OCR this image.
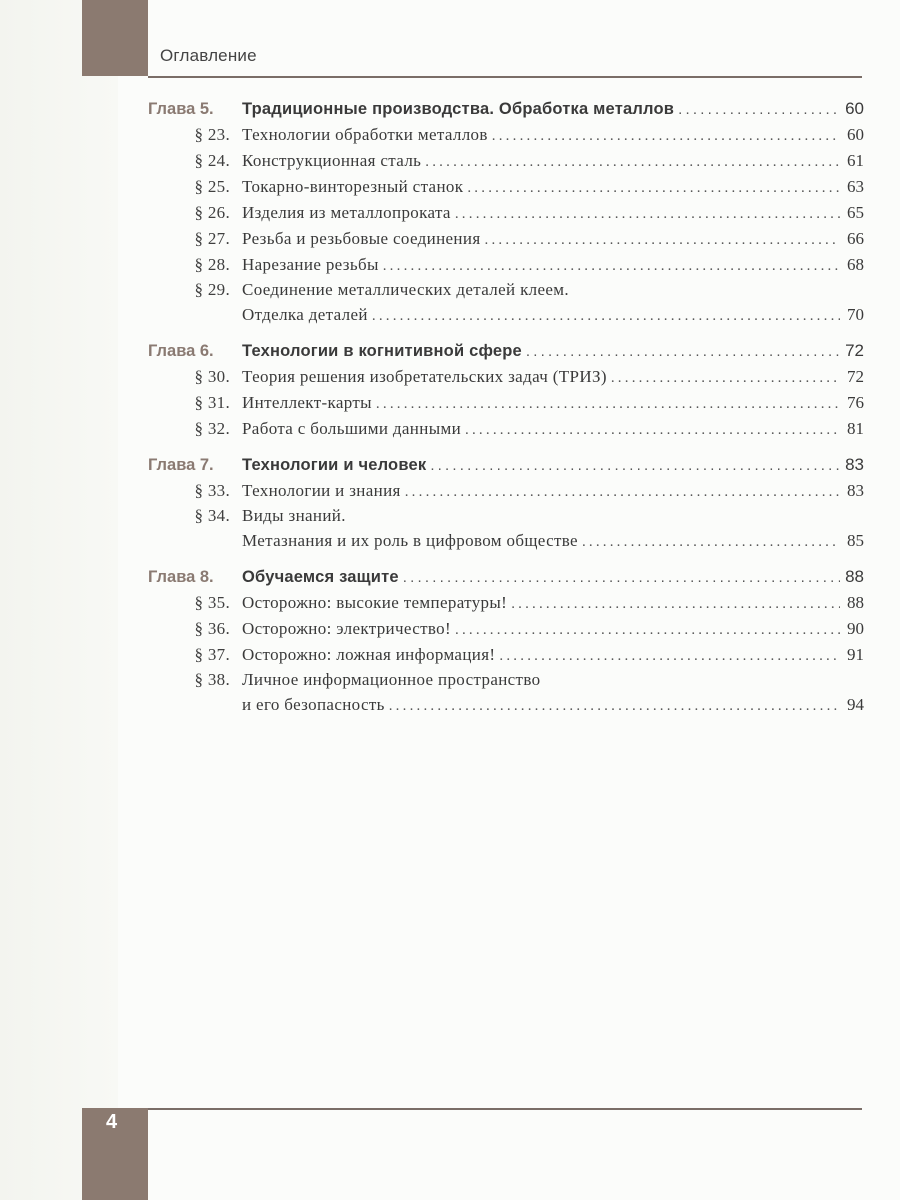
Оглавление
Глава 5.	Традиционные производства. Обработка металлов .....	60
§ 23. Технологии обработки металлов .....	60
§ 24. Конструкционная сталь .....	61
§ 25. Токарно-винторезный станок .....	63
§ 26. Изделия из металлопроката .....	65
§ 27. Резьба и резьбовые соединения .....	66
§ 28. Нарезание резьбы .....	68
§ 29. Соединение металлических деталей клеем.
Отделка деталей .....	70
Глава 6.	Технологии в когнитивной сфере .....	72
§ 30. Теория решения изобретательских задач (ТРИЗ) .....	72
§ 31. Интеллект-карты .....	76
§ 32. Работа с большими данными .....	81
Глава 7.	Технологии и человек .....	83
§ 33. Технологии и знания .....	83
§ 34. Виды знаний.
Метазнания и их роль в цифровом обществе .....	85
Глава 8.	Обучаемся защите .....	88
§ 35. Осторожно: высокие температуры! .....	88
§ 36. Осторожно: электричество! .....	90
§ 37. Осторожно: ложная информация! .....	91
§ 38. Личное информационное пространство
и его безопасность .....	94
4
